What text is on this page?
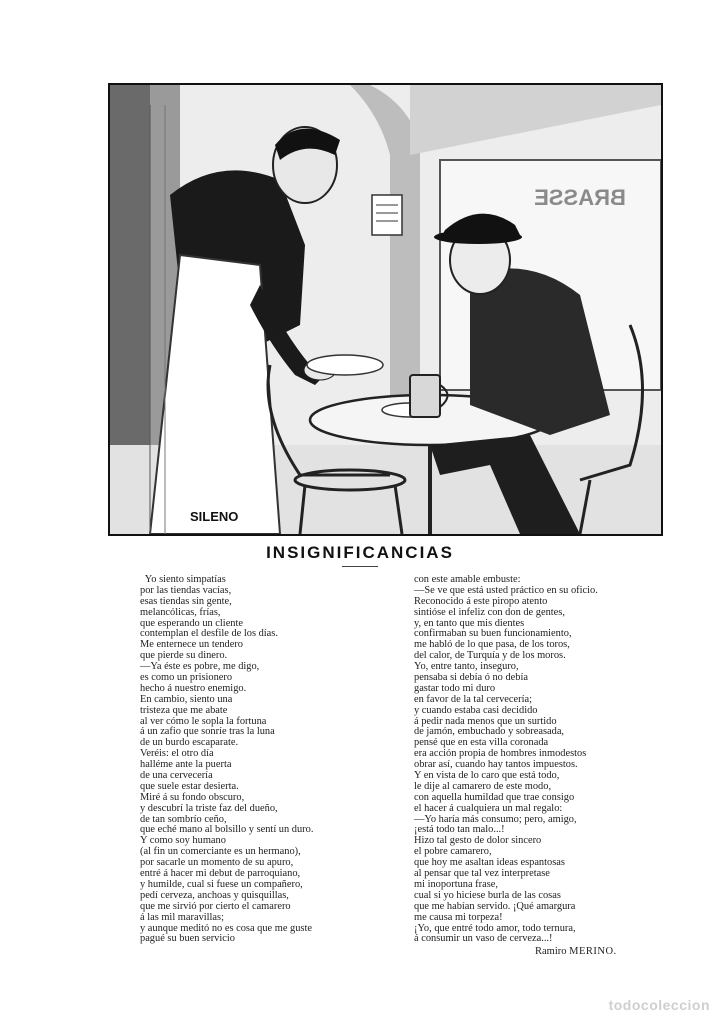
BRASSE
SILENO
INSIGNIFICANCIAS
Yo siento simpatías
por las tiendas vacías,
esas tiendas sin gente,
melancólicas, frías,
que esperando un cliente
contemplan el desfile de los días.
Me enternece un tendero
que pierde su dinero.
—Ya éste es pobre, me digo,
es como un prisionero
hecho á nuestro enemigo.
En cambio, siento una
tristeza que me abate
al ver cómo le sopla la fortuna
á un zafio que sonríe tras la luna
de un burdo escaparate.
Veréis: el otro día
halléme ante la puerta
de una cervecería
que suele estar desierta.
Miré á su fondo obscuro,
y descubrí la triste faz del dueño,
de tan sombrío ceño,
que eché mano al bolsillo y sentí un duro.
Y como soy humano
(al fin un comerciante es un hermano),
por sacarle un momento de su apuro,
entré á hacer mi debut de parroquiano,
y humilde, cual si fuese un compañero,
pedí cerveza, anchoas y quisquillas,
que me sirvió por cierto el camarero
á las mil maravillas;
y aunque meditó no es cosa que me guste
pagué su buen servicio
con este amable embuste:
—Se ve que está usted práctico en su oficio.
Reconocido á este piropo atento
sintióse el infeliz con don de gentes,
y, en tanto que mis dientes
confirmaban su buen funcionamiento,
me habló de lo que pasa, de los toros,
del calor, de Turquía y de los moros.
Yo, entre tanto, inseguro,
pensaba si debía ó no debía
gastar todo mi duro
en favor de la tal cervecería;
y cuando estaba casi decidido
á pedir nada menos que un surtido
de jamón, embuchado y sobreasada,
pensé que en esta villa coronada
era acción propia de hombres inmodestos
obrar así, cuando hay tantos impuestos.
Y en vista de lo caro que está todo,
le dije al camarero de este modo,
con aquella humildad que trae consigo
el hacer á cualquiera un mal regalo:
—Yo haría más consumo; pero, amigo,
¡está todo tan malo...!
Hizo tal gesto de dolor sincero
el pobre camarero,
que hoy me asaltan ideas espantosas
al pensar que tal vez interpretase
mi inoportuna frase,
cual si yo hiciese burla de las cosas
que me habían servido. ¡Qué amargura
me causa mi torpeza!
¡Yo, que entré todo amor, todo ternura,
á consumir un vaso de cerveza...!
Ramiro MERINO.
todocoleccion
